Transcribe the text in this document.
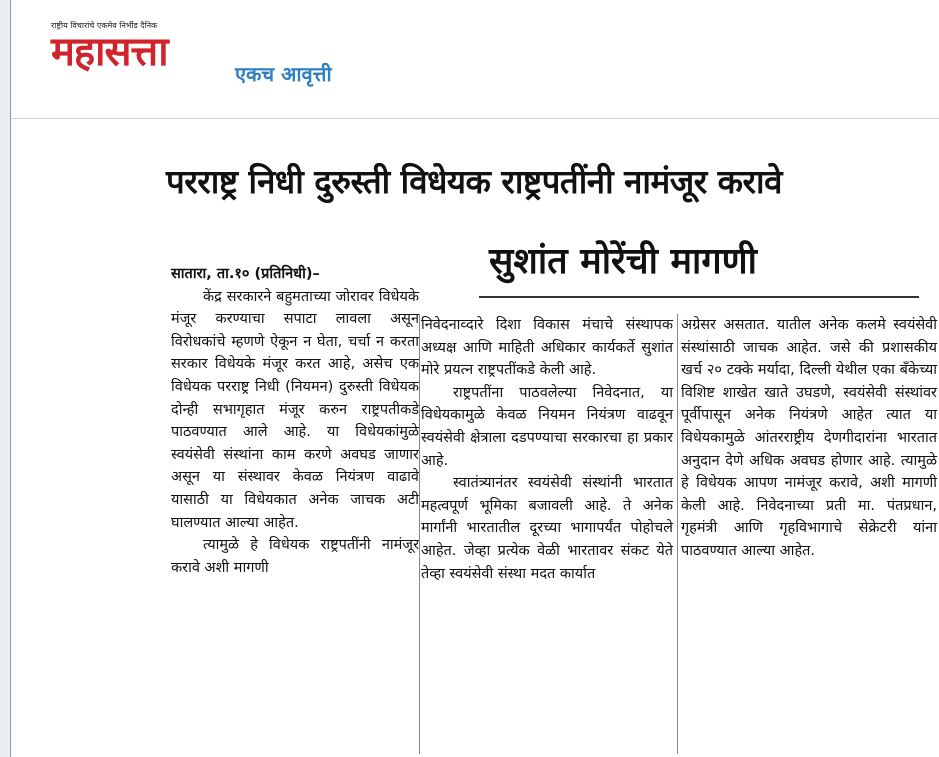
राष्ट्रीय विचारांचे एकमेव निर्भीड दैनिक
महासत्ता	एकच आवृत्ती
परराष्ट्र निधी दुरुस्ती विधेयक राष्ट्रपतींनी नामंजूर करावे
सुशांत मोरेंची मागणी

सातारा, ता.१० (प्रतिनिधी)–

केंद्र सरकारने बहुमताच्या जोरावर विधेयके मंजूर करण्याचा सपाटा लावला असून विरोधकांचे म्हणणे ऐकून न घेता, चर्चा न करता सरकार विधेयके मंजूर करत आहे, असेच एक विधेयक परराष्ट्र निधी (नियमन) दुरुस्ती विधेयक दोन्ही सभागृहात मंजूर करुन राष्ट्रपतीकडे पाठवण्यात आले आहे. या विधेयकांमुळे स्वयंसेवी संस्थांना काम करणे अवघड जाणार असून या संस्थावर केवळ नियंत्रण वाढावे यासाठी या विधेयकात अनेक जाचक अटी घालण्यात आल्या आहेत.

त्यामुळे हे विधेयक राष्ट्रपतींनी नामंजूर करावे अशी मागणी

निवेदनाव्दारे दिशा विकास मंचाचे संस्थापक अध्यक्ष आणि माहिती अधिकार कार्यकर्ते सुशांत मोरे प्रयत्न राष्ट्रपतींकडे केली आहे.

राष्ट्रपतींना पाठवलेल्या निवेदनात, या विधेयकामुळे केवळ नियमन नियंत्रण वाढवून स्वयंसेवी क्षेत्राला दडपण्याचा सरकारचा हा प्रकार आहे.

स्वातंत्र्यानंतर स्वयंसेवी संस्थांनी भारतात महत्वपूर्ण भूमिका बजावली आहे. ते अनेक मार्गांनी भारतातील दूरच्या भागापर्यंत पोहोचले आहेत. जेव्हा प्रत्येक वेळी भारतावर संकट येते तेव्हा स्वयंसेवी संस्था मदत कार्यात

अग्रेसर असतात. यातील अनेक कलमे स्वयंसेवी संस्थांसाठी जाचक आहेत. जसे की प्रशासकीय खर्च २० टक्के मर्यादा, दिल्ली येथील एका बँकेच्या विशिष्ट शाखेत खाते उघडणे, स्वयंसेवी संस्थांवर पूर्वीपासून अनेक नियंत्रणे आहेत त्यात या विधेयकामुळे आंतरराष्ट्रीय देणगीदारांना भारतात अनुदान देणे अधिक अवघड होणार आहे. त्यामुळे हे विधेयक आपण नामंजूर करावे, अशी मागणी केली आहे. निवेदनाच्या प्रती मा. पंतप्रधान, गृहमंत्री आणि गृहविभागाचे सेक्रेटरी यांना पाठवण्यात आल्या आहेत.
